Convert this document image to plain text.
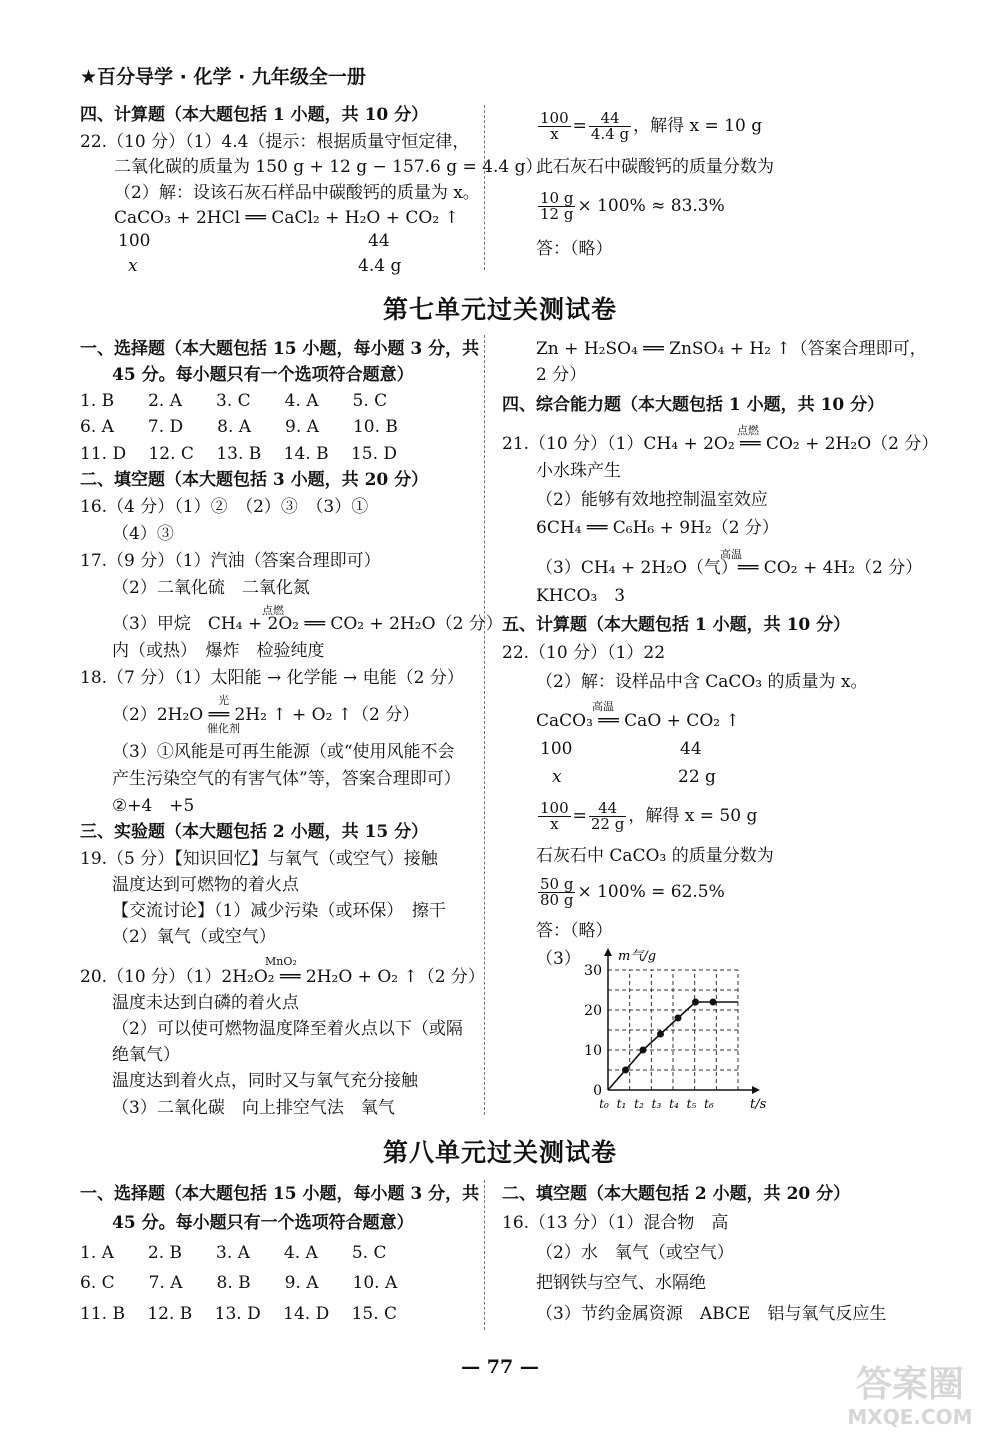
★百分导学 · 化学 · 九年级全一册
四、计算题（本大题包括 1 小题，共 10 分）
22.（10 分）（1）4.4（提示：根据质量守恒定律，
二氧化碳的质量为 150 g + 12 g − 157.6 g = 4.4 g）
（2）解：设该石灰石样品中碳酸钙的质量为 x。
CaCO₃ + 2HCl ══ CaCl₂ + H₂O + CO₂ ↑
100	44
x	4.4 g
$\frac{100}{x} = \frac{44}{4.4 g}$ ，解得 x = 10 g
此石灰石中碳酸钙的质量分数为
$\frac{10 g}{12 g} \times 100\% \approx 83.3\%$
答：（略）
第七单元过关测试卷
一、选择题（本大题包括 15 小题，每小题 3 分，共
45 分。每小题只有一个选项符合题意）
1. B　　2. A　　3. C　　4. A　　5. C
6. A　　7. D　　8. A　　9. A　　10. B
11. D　 12. C　 13. B　 14. B　 15. D
二、填空题（本大题包括 3 小题，共 20 分）
16.（4 分）（1）②　（2）③　（3）①
（4）③
17.（9 分）（1）汽油（答案合理即可）
（2）二氧化硫　二氧化氮
（3）甲烷　CH₄ + 2O₂ ══ CO₂ + 2H₂O（2 分）
点燃
内（或热）　爆炸　检验纯度
18.（7 分）（1）太阳能 → 化学能 → 电能（2 分）
（2）2H₂O ══ 2H₂ ↑ + O₂ ↑（2 分）
光
催化剂
（3）①风能是可再生能源（或“使用风能不会
产生污染空气的有害气体”等，答案合理即可）
②+4　+5
三、实验题（本大题包括 2 小题，共 15 分）
19.（5 分）【知识回忆】与氧气（或空气）接触
温度达到可燃物的着火点
【交流讨论】（1）减少污染（或环保）　擦干
（2）氧气（或空气）
20.（10 分）（1）2H₂O₂ ══ 2H₂O + O₂ ↑（2 分）
MnO₂
温度未达到白磷的着火点
（2）可以使可燃物温度降至着火点以下（或隔
绝氧气）
温度达到着火点，同时又与氧气充分接触
（3）二氧化碳　向上排空气法　氧气
Zn + H₂SO₄ ══ ZnSO₄ + H₂ ↑（答案合理即可，
2 分）
四、综合能力题（本大题包括 1 小题，共 10 分）
21.（10 分）（1）CH₄ + 2O₂ ══ CO₂ + 2H₂O（2 分）
点燃
小水珠产生
（2）能够有效地控制温室效应
6CH₄ ══ C₆H₆ + 9H₂（2 分）
（3）CH₄ + 2H₂O（气）══ CO₂ + 4H₂（2 分）
高温
KHCO₃　3
五、计算题（本大题包括 1 小题，共 10 分）
22.（10 分）（1）22
（2）解：设样品中含 CaCO₃ 的质量为 x。
CaCO₃ ══ CaO + CO₂ ↑
高温
100	44
x	22 g
$\frac{100}{x} = \frac{44}{22 g}$ ，解得 x = 50 g
石灰石中 CaCO₃ 的质量分数为
$\frac{50 g}{80 g} \times 100\% = 62.5\%$
答：（略）
（3）	m气/g
t/s
0
10
20
30
t₀ t₁ t₂ t₃ t₄ t₅ t₆
第八单元过关测试卷
一、选择题（本大题包括 15 小题，每小题 3 分，共
45 分。每小题只有一个选项符合题意）
1. A　　2. B　　3. A　　4. A　　5. C
6. C　　7. A　　8. B　　9. A　　10. A
11. B　 12. B　 13. D　 14. D　 15. C
二、填空题（本大题包括 2 小题，共 20 分）
16.（13 分）（1）混合物　高
（2）水　氧气（或空气）
把钢铁与空气、水隔绝
（3）节约金属资源　ABCE　铝与氧气反应生
— 77 —	答案圈
MXQE.COM
